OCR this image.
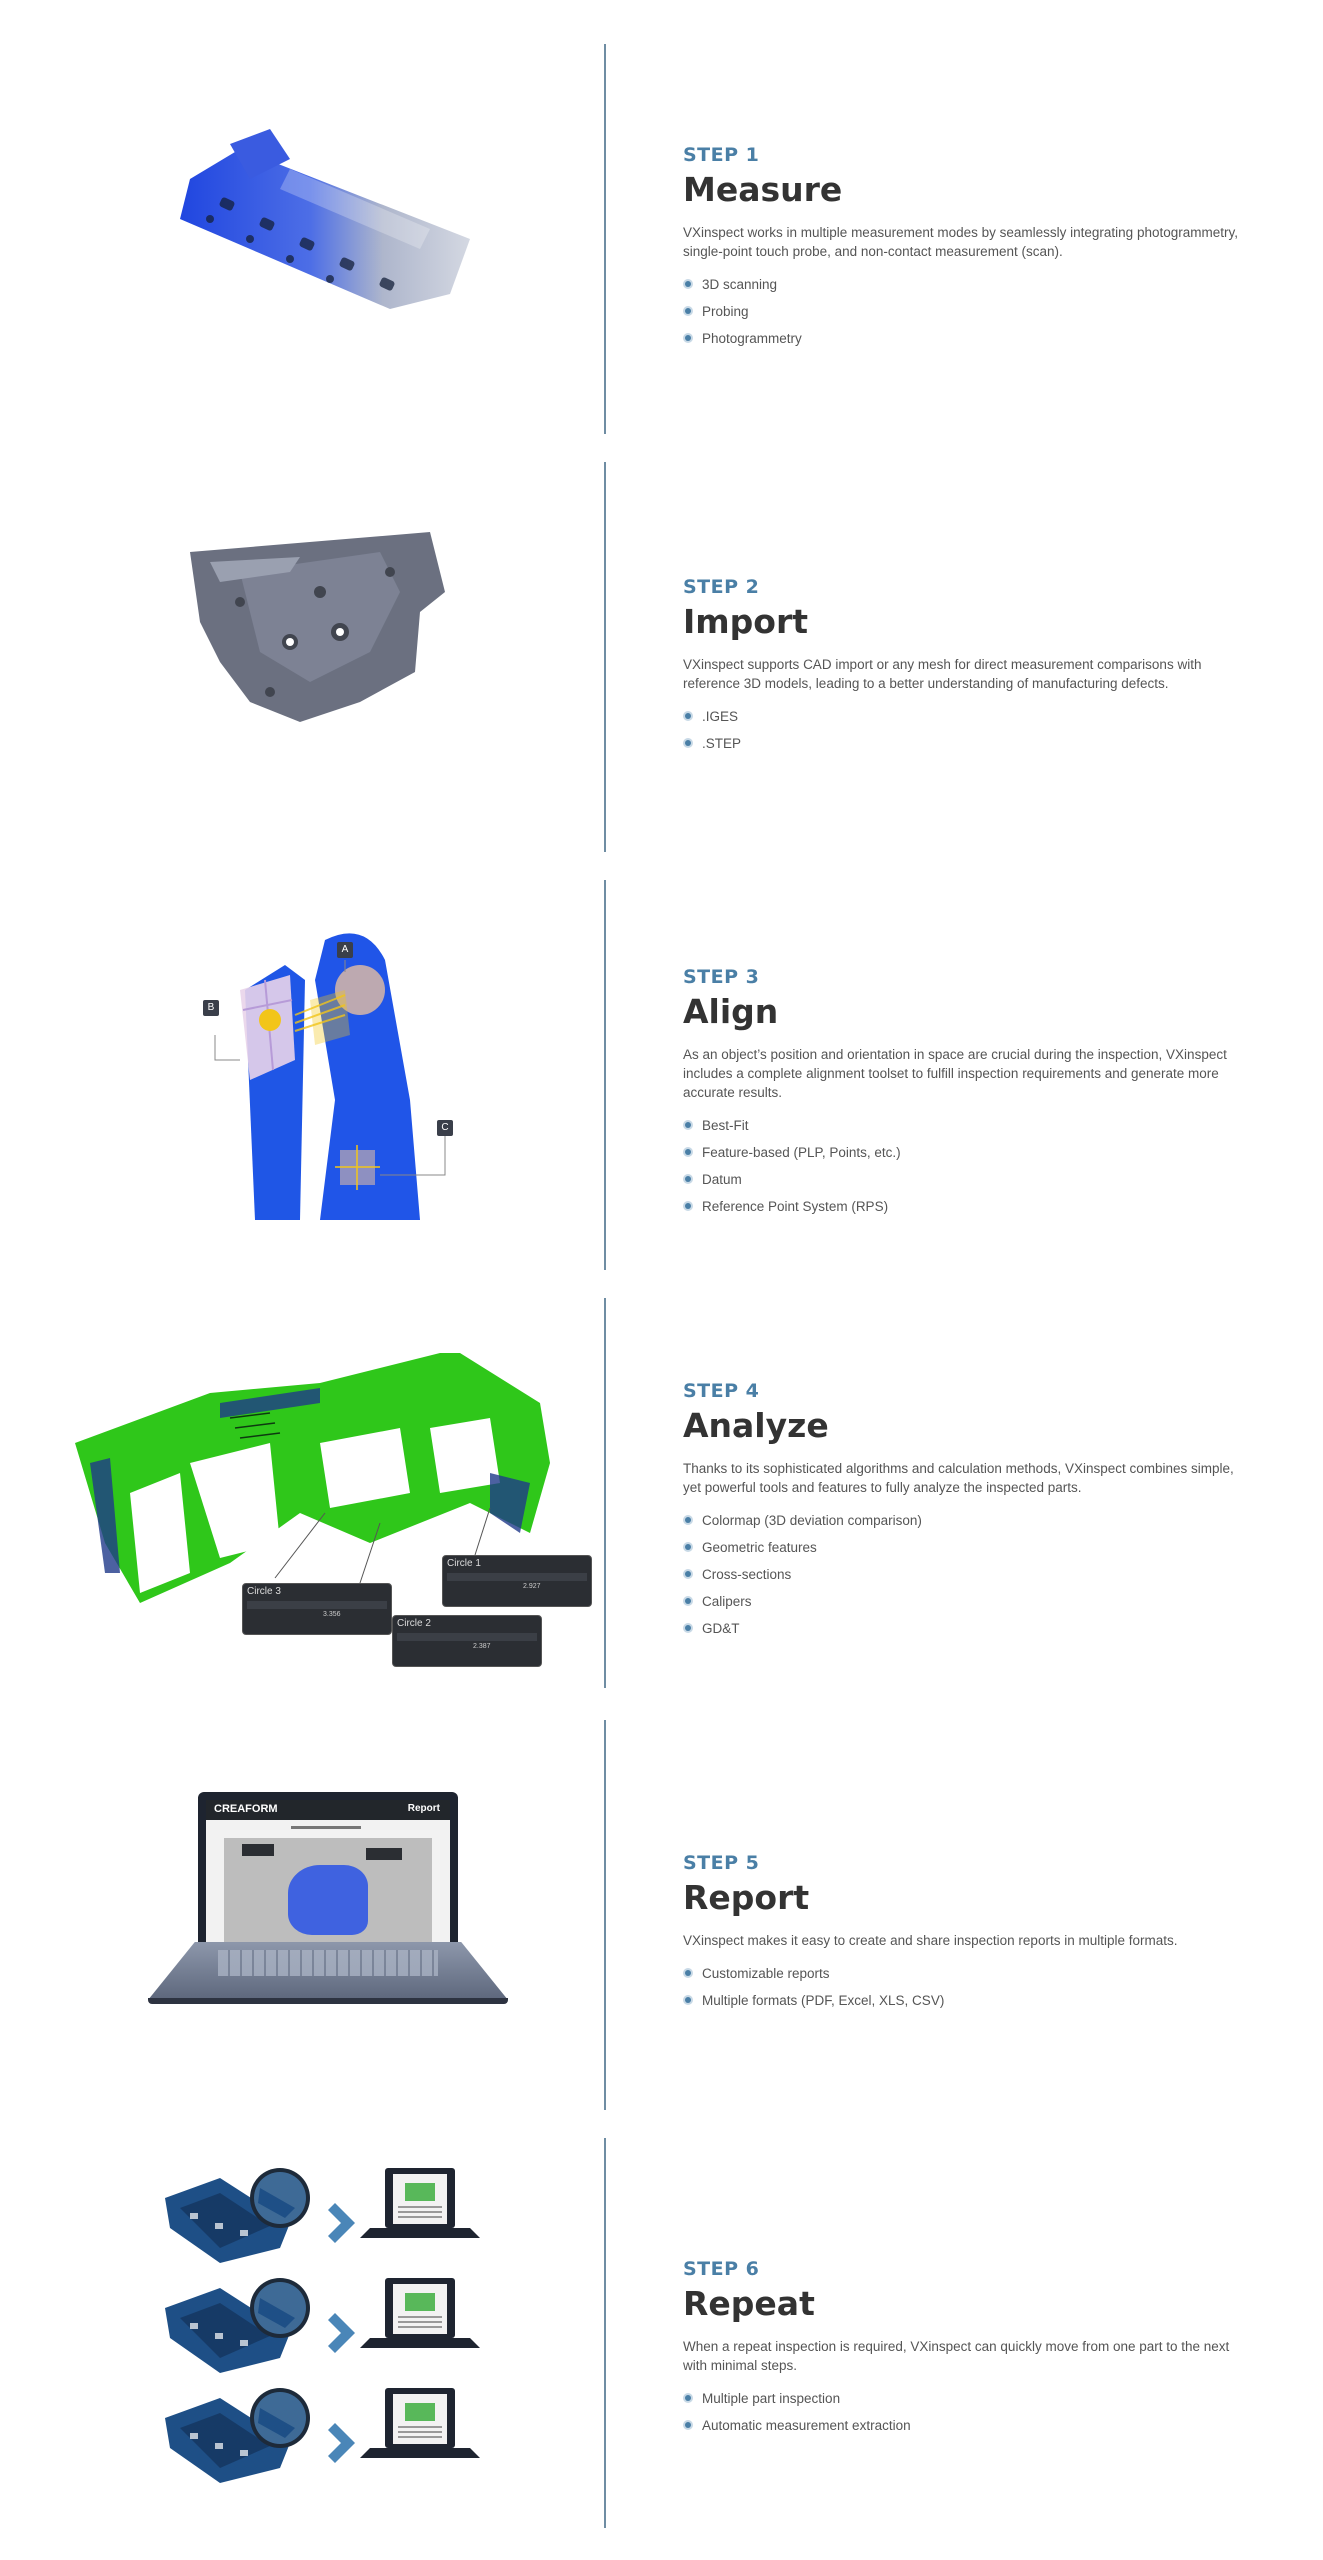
STEP 1
Measure

VXinspect works in multiple measurement modes by seamlessly integrating photogrammetry, single-point touch probe, and non-contact measurement (scan).

3D scanning
Probing
Photogrammetry
STEP 2
Import

VXinspect supports CAD import or any mesh for direct measurement comparisons with reference 3D models, leading to a better understanding of manufacturing defects.

.IGES
.STEP
B
A
C
STEP 3
Align

As an object’s position and orientation in space are crucial during the inspection, VXinspect includes a complete alignment toolset to fulfill inspection requirements and generate more accurate results.

Best-Fit
Feature-based (PLP, Points, etc.)
Datum
Reference Point System (RPS)
Circle 1
2.927
Circle 2
2.387
Circle 3
3.356
STEP 4
Analyze

Thanks to its sophisticated algorithms and calculation methods, VXinspect combines simple, yet powerful tools and features to fully analyze the inspected parts.

Colormap (3D deviation comparison)
Geometric features
Cross-sections
Calipers
GD&T
CREAFORM	Report
STEP 5
Report

VXinspect makes it easy to create and share inspection reports in multiple formats.

Customizable reports
Multiple formats (PDF, Excel, XLS, CSV)
STEP 6
Repeat

When a repeat inspection is required, VXinspect can quickly move from one part to the next with minimal steps.

Multiple part inspection
Automatic measurement extraction
